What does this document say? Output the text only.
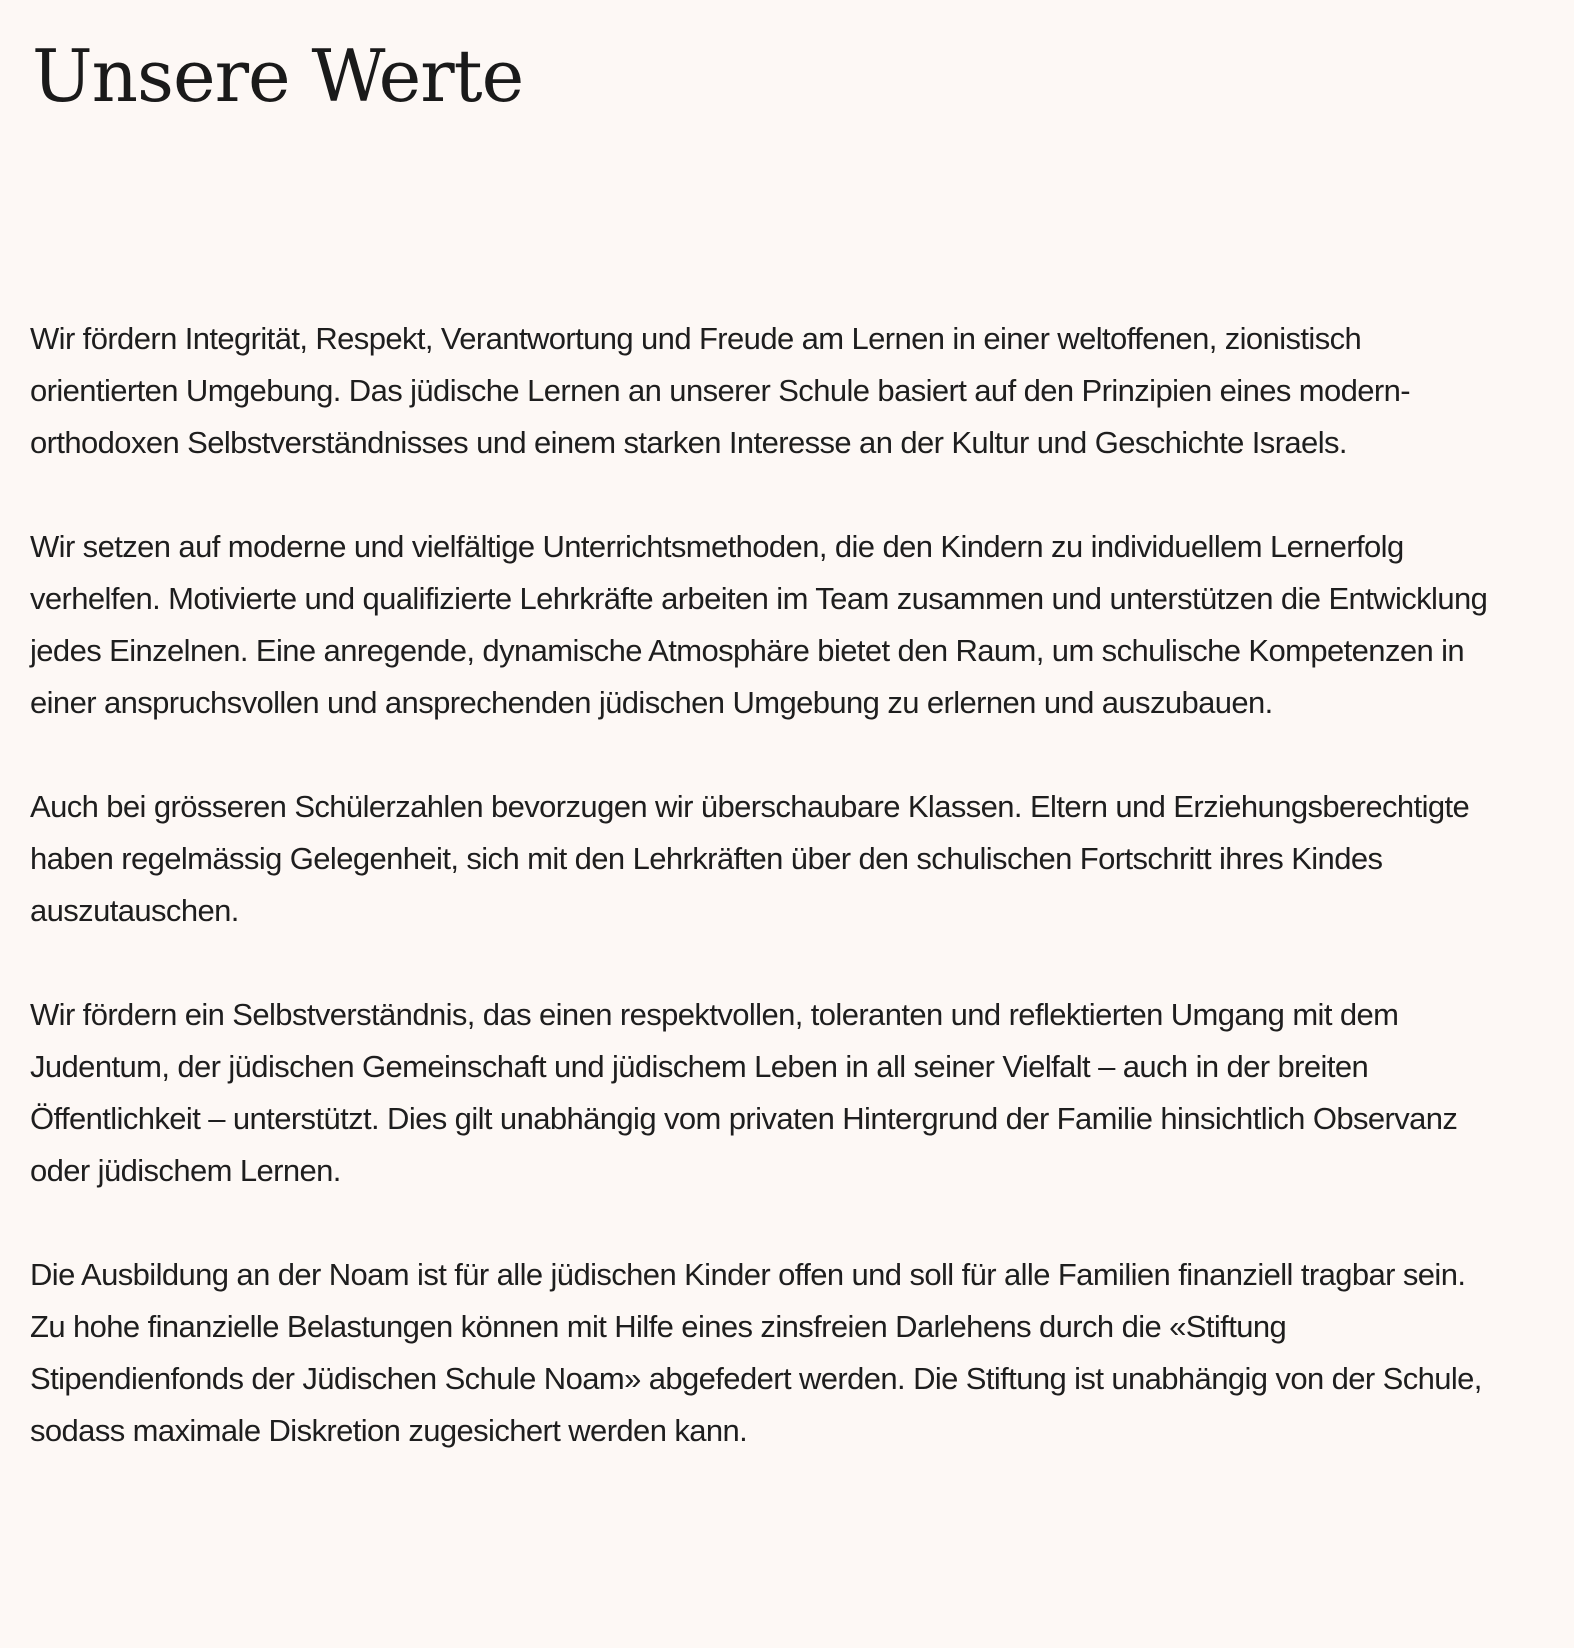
Unsere Werte

Wir fördern Integrität, Respekt, Verantwortung und Freude am Lernen in einer weltoffenen, zionistisch orientierten Umgebung. Das jüdische Lernen an unserer Schule basiert auf den Prinzipien eines modern-orthodoxen Selbstverständnisses und einem starken Interesse an der Kultur und Geschichte Israels.

Wir setzen auf moderne und vielfältige Unterrichtsmethoden, die den Kindern zu individuellem Lernerfolg verhelfen. Motivierte und qualifizierte Lehrkräfte arbeiten im Team zusammen und unterstützen die Entwicklung jedes Einzelnen. Eine anregende, dynamische Atmosphäre bietet den Raum, um schulische Kompetenzen in einer anspruchsvollen und ansprechenden jüdischen Umgebung zu erlernen und auszubauen.

Auch bei grösseren Schülerzahlen bevorzugen wir überschaubare Klassen. Eltern und Erziehungsberechtigte haben regelmässig Gelegenheit, sich mit den Lehrkräften über den schulischen Fortschritt ihres Kindes auszutauschen.

Wir fördern ein Selbstverständnis, das einen respektvollen, toleranten und reflektierten Umgang mit dem Judentum, der jüdischen Gemeinschaft und jüdischem Leben in all seiner Vielfalt – auch in der breiten Öffentlichkeit – unterstützt. Dies gilt unabhängig vom privaten Hintergrund der Familie hinsichtlich Observanz oder jüdischem Lernen.

Die Ausbildung an der Noam ist für alle jüdischen Kinder offen und soll für alle Familien finanziell tragbar sein. Zu hohe finanzielle Belastungen können mit Hilfe eines zinsfreien Darlehens durch die «Stiftung Stipendienfonds der Jüdischen Schule Noam» abgefedert werden. Die Stiftung ist unabhängig von der Schule, sodass maximale Diskretion zugesichert werden kann.
